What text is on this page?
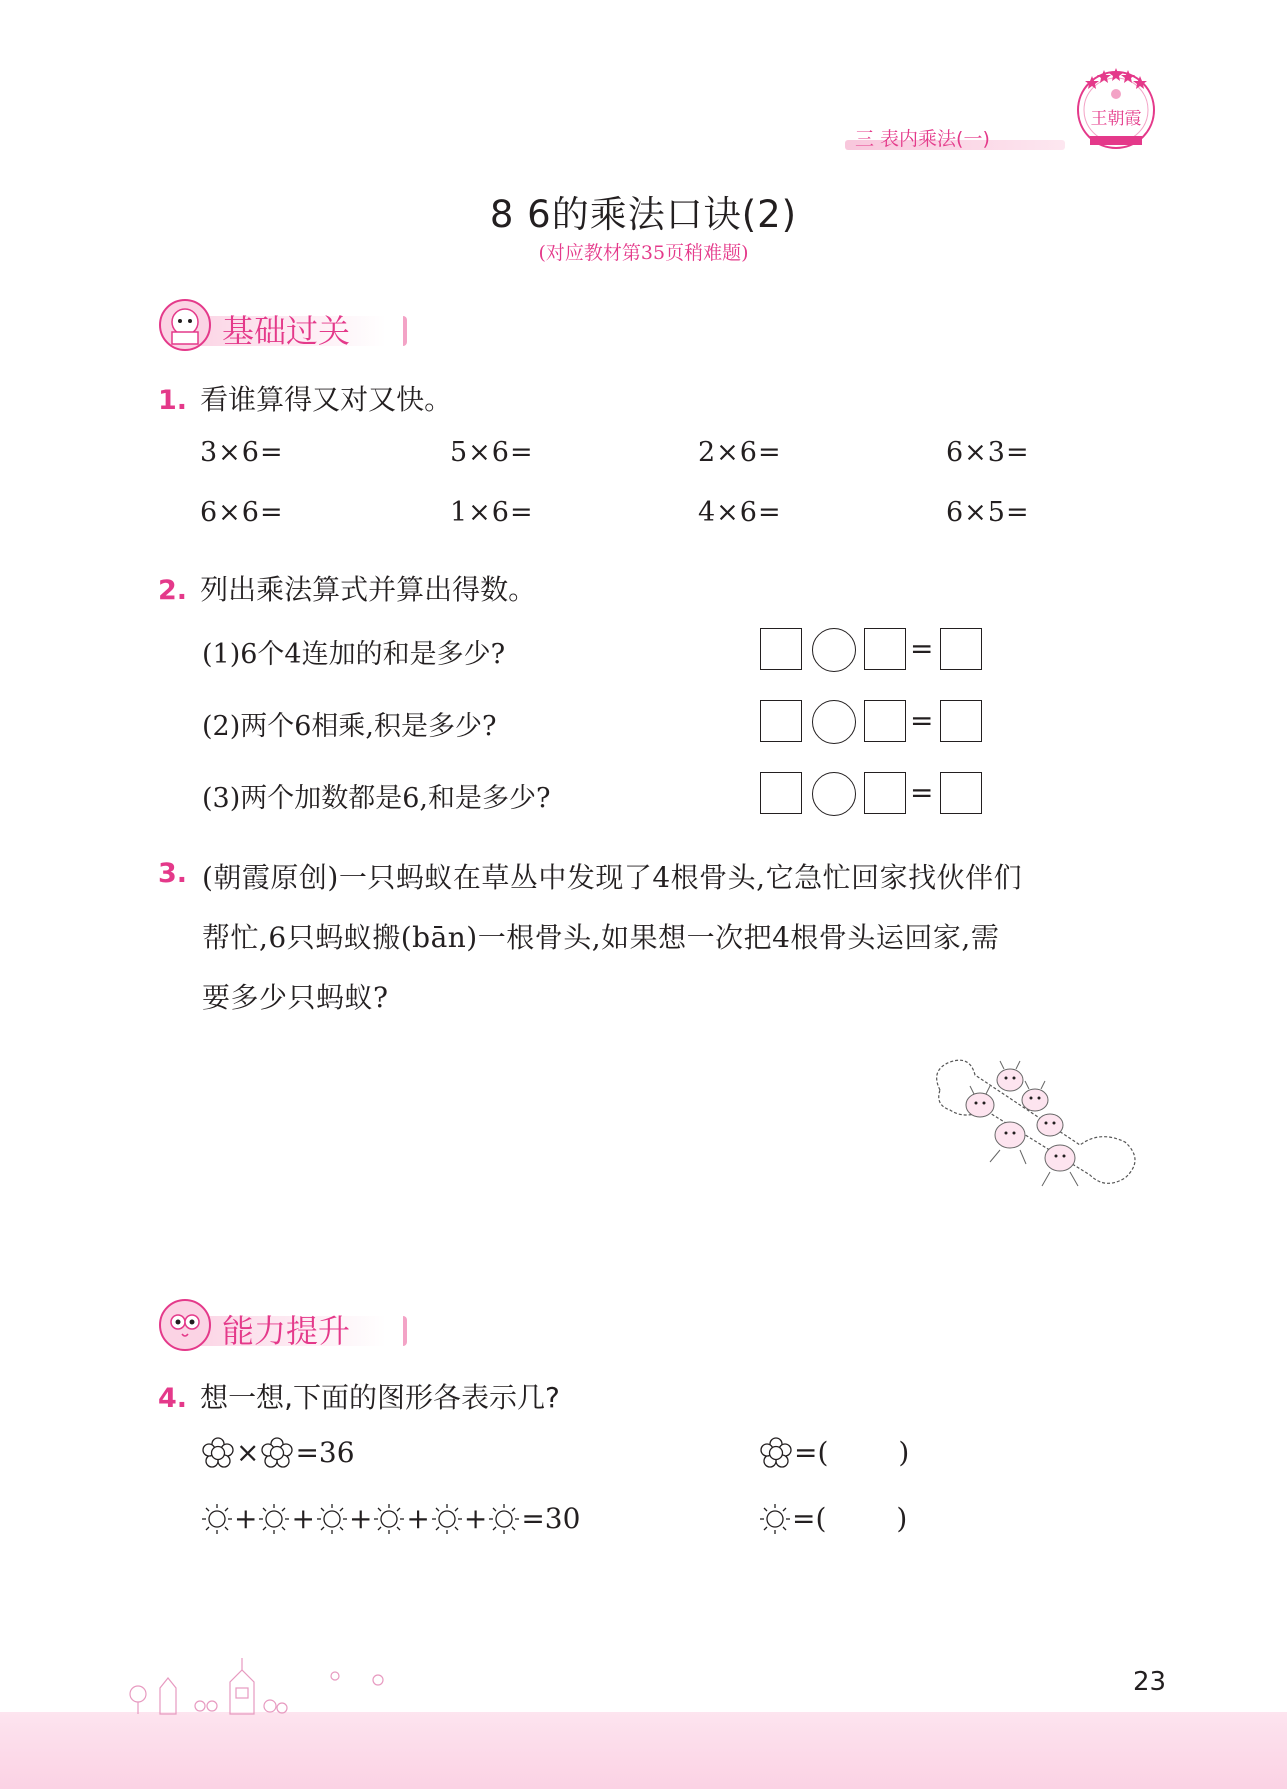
三 表内乘法(一)
王朝霞
8 6的乘法口诀(2)
(对应教材第35页稍难题)
基础过关
1. 看谁算得又对又快。
3×6=	5×6=	2×6=	6×3=
6×6=	1×6=	4×6=	6×5=
2. 列出乘法算式并算出得数。
(1)6个4连加的和是多少?	=
(2)两个6相乘,积是多少?	=
(3)两个加数都是6,和是多少?	=
3. (朝霞原创)一只蚂蚁在草丛中发现了4根骨头,它急忙回家找伙伴们
帮忙,6只蚂蚁搬(bān)一根骨头,如果想一次把4根骨头运回家,需
要多少只蚂蚁?
能力提升
4. 想一想,下面的图形各表示几?
× =36	=(	)
+ + + + + =30	=(	)
23
